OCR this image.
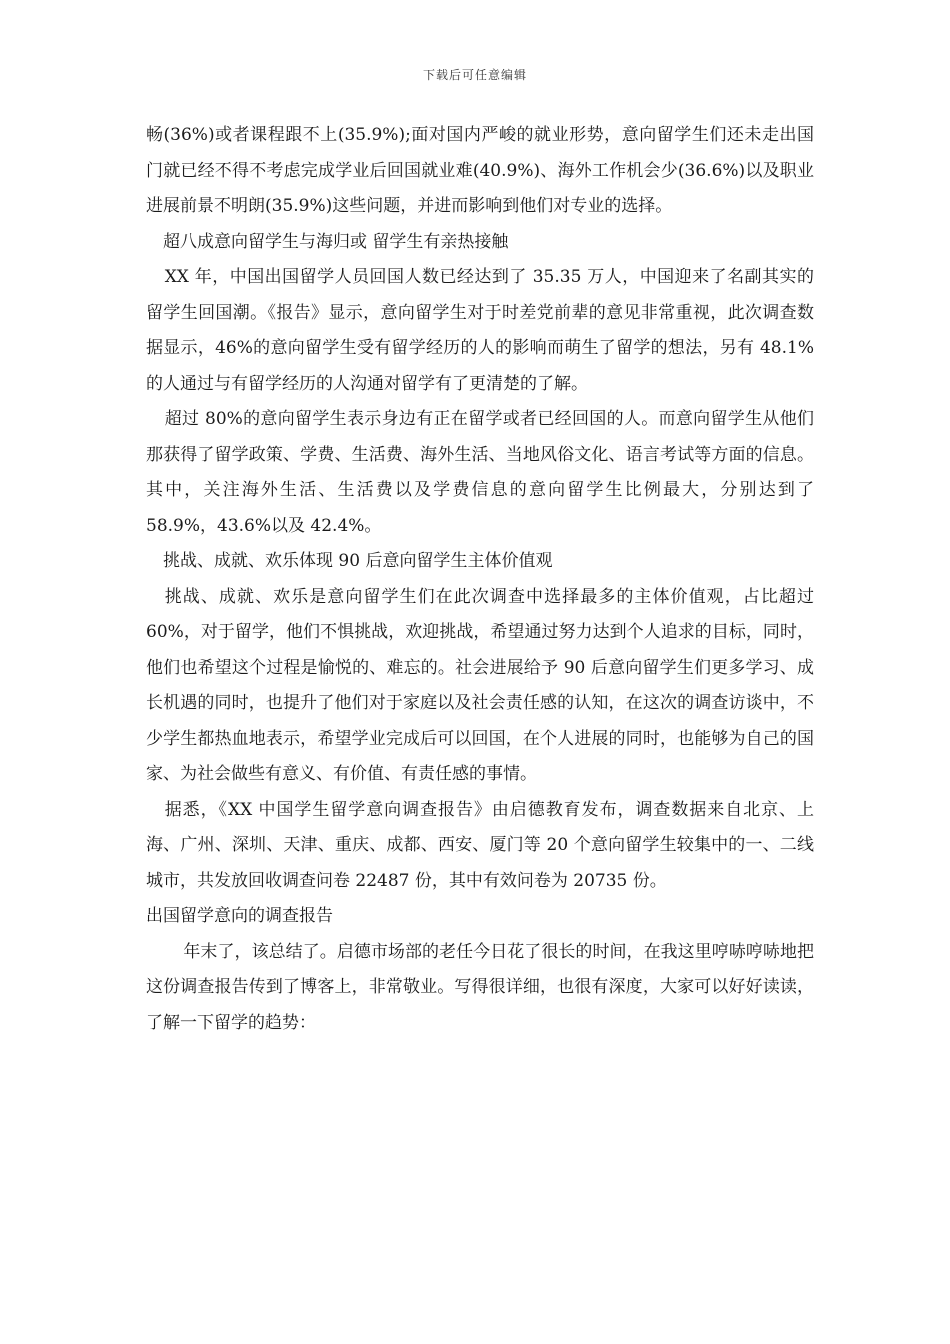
下载后可任意编辑

畅(36%)或者课程跟不上(35.9%);面对国内严峻的就业形势，意向留学生们还未走出国门就已经不得不考虑完成学业后回国就业难(40.9%)、海外工作机会少(36.6%)以及职业进展前景不明朗(35.9%)这些问题，并进而影响到他们对专业的选择。

超八成意向留学生与海归或 留学生有亲热接触

XX 年，中国出国留学人员回国人数已经达到了 35.35 万人，中国迎来了名副其实的留学生回国潮。《报告》显示，意向留学生对于时差党前辈的意见非常重视，此次调查数据显示，46%的意向留学生受有留学经历的人的影响而萌生了留学的想法，另有 48.1%的人通过与有留学经历的人沟通对留学有了更清楚的了解。

超过 80%的意向留学生表示身边有正在留学或者已经回国的人。而意向留学生从他们那获得了留学政策、学费、生活费、海外生活、当地风俗文化、语言考试等方面的信息。其中，关注海外生活、生活费以及学费信息的意向留学生比例最大，分别达到了 58.9%，43.6%以及 42.4%。

挑战、成就、欢乐体现 90 后意向留学生主体价值观

挑战、成就、欢乐是意向留学生们在此次调查中选择最多的主体价值观，占比超过 60%，对于留学，他们不惧挑战，欢迎挑战，希望通过努力达到个人追求的目标，同时，他们也希望这个过程是愉悦的、难忘的。社会进展给予 90 后意向留学生们更多学习、成长机遇的同时，也提升了他们对于家庭以及社会责任感的认知，在这次的调查访谈中，不少学生都热血地表示，希望学业完成后可以回国，在个人进展的同时，也能够为自己的国家、为社会做些有意义、有价值、有责任感的事情。

据悉，《XX 中国学生留学意向调查报告》由启德教育发布，调查数据来自北京、上海、广州、深圳、天津、重庆、成都、西安、厦门等 20 个意向留学生较集中的一、二线城市，共发放回收调查问卷 22487 份，其中有效问卷为 20735 份。

出国留学意向的调查报告

年末了，该总结了。启德市场部的老任今日花了很长的时间，在我这里哼哧哼哧地把这份调查报告传到了博客上，非常敬业。写得很详细，也很有深度，大家可以好好读读，了解一下留学的趋势：
